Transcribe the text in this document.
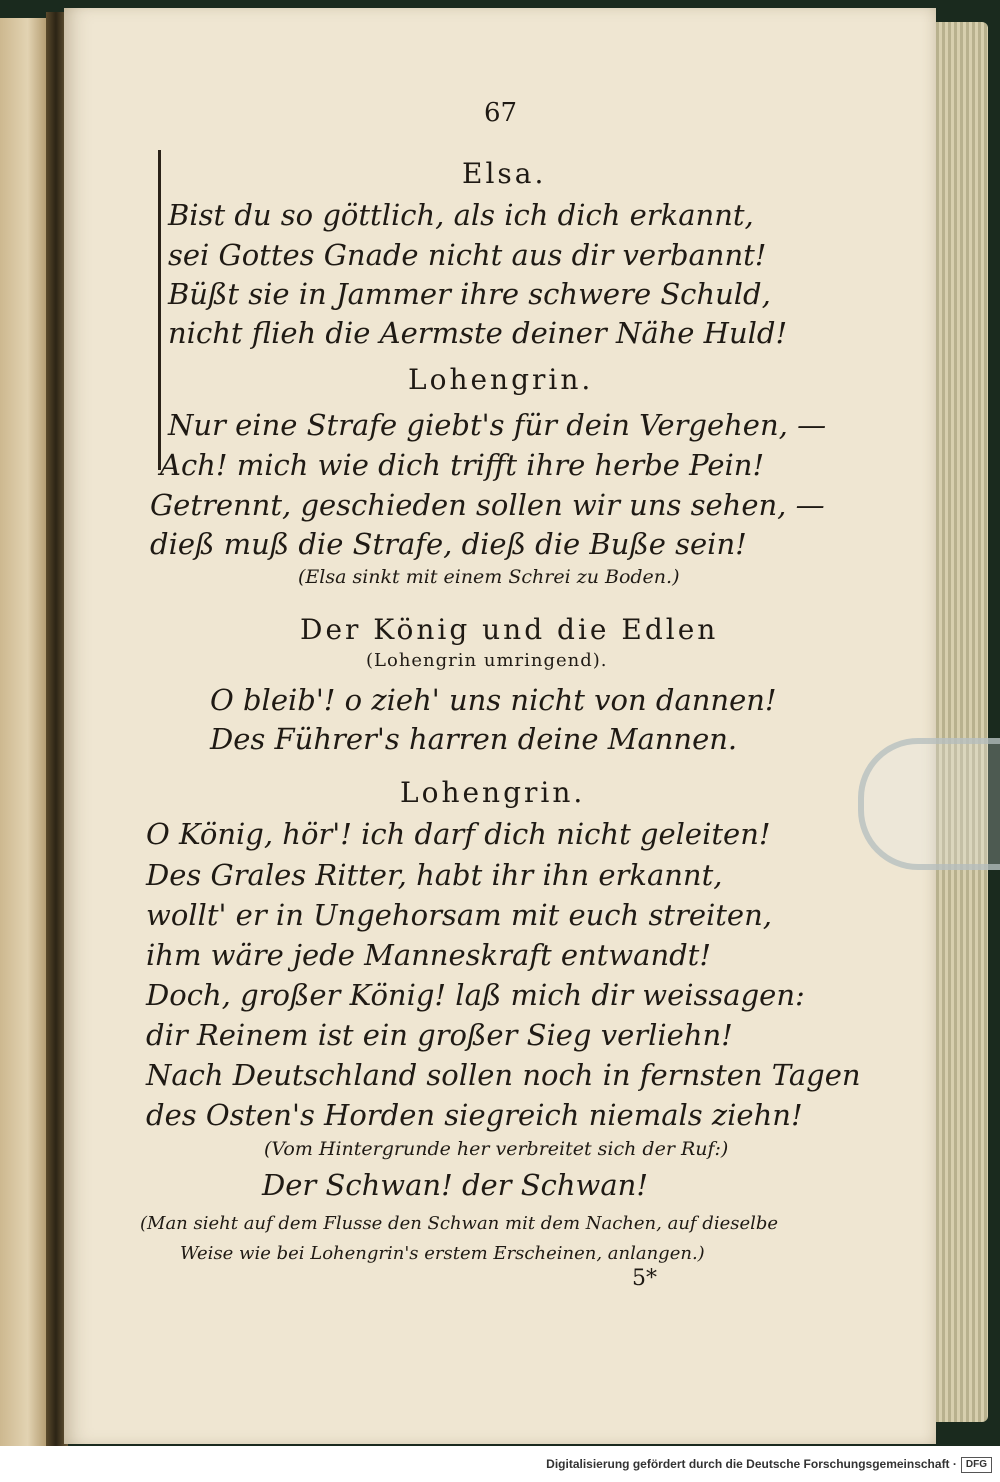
67
Elsa.
Bist du so göttlich, als ich dich erkannt,
sei Gottes Gnade nicht aus dir verbannt!
Büßt sie in Jammer ihre schwere Schuld,
nicht flieh die Aermste deiner Nähe Huld!
Lohengrin.
Nur eine Strafe giebt's für dein Vergehen, —
Ach! mich wie dich trifft ihre herbe Pein!
Getrennt, geschieden sollen wir uns sehen, —
dieß muß die Strafe, dieß die Buße sein!
(Elsa sinkt mit einem Schrei zu Boden.)
Der König und die Edlen
(Lohengrin umringend).
O bleib'! o zieh' uns nicht von dannen!
Des Führer's harren deine Mannen.
Lohengrin.
O König, hör'! ich darf dich nicht geleiten!
Des Grales Ritter, habt ihr ihn erkannt,
wollt' er in Ungehorsam mit euch streiten,
ihm wäre jede Manneskraft entwandt!
Doch, großer König! laß mich dir weissagen:
dir Reinem ist ein großer Sieg verliehn!
Nach Deutschland sollen noch in fernsten Tagen
des Osten's Horden siegreich niemals ziehn!
(Vom Hintergrunde her verbreitet sich der Ruf:)
Der Schwan! der Schwan!
(Man sieht auf dem Flusse den Schwan mit dem Nachen, auf dieselbe
Weise wie bei Lohengrin's erstem Erscheinen, anlangen.)
5*
Digitalisierung gefördert durch die Deutsche Forschungsgemeinschaft · DFG
